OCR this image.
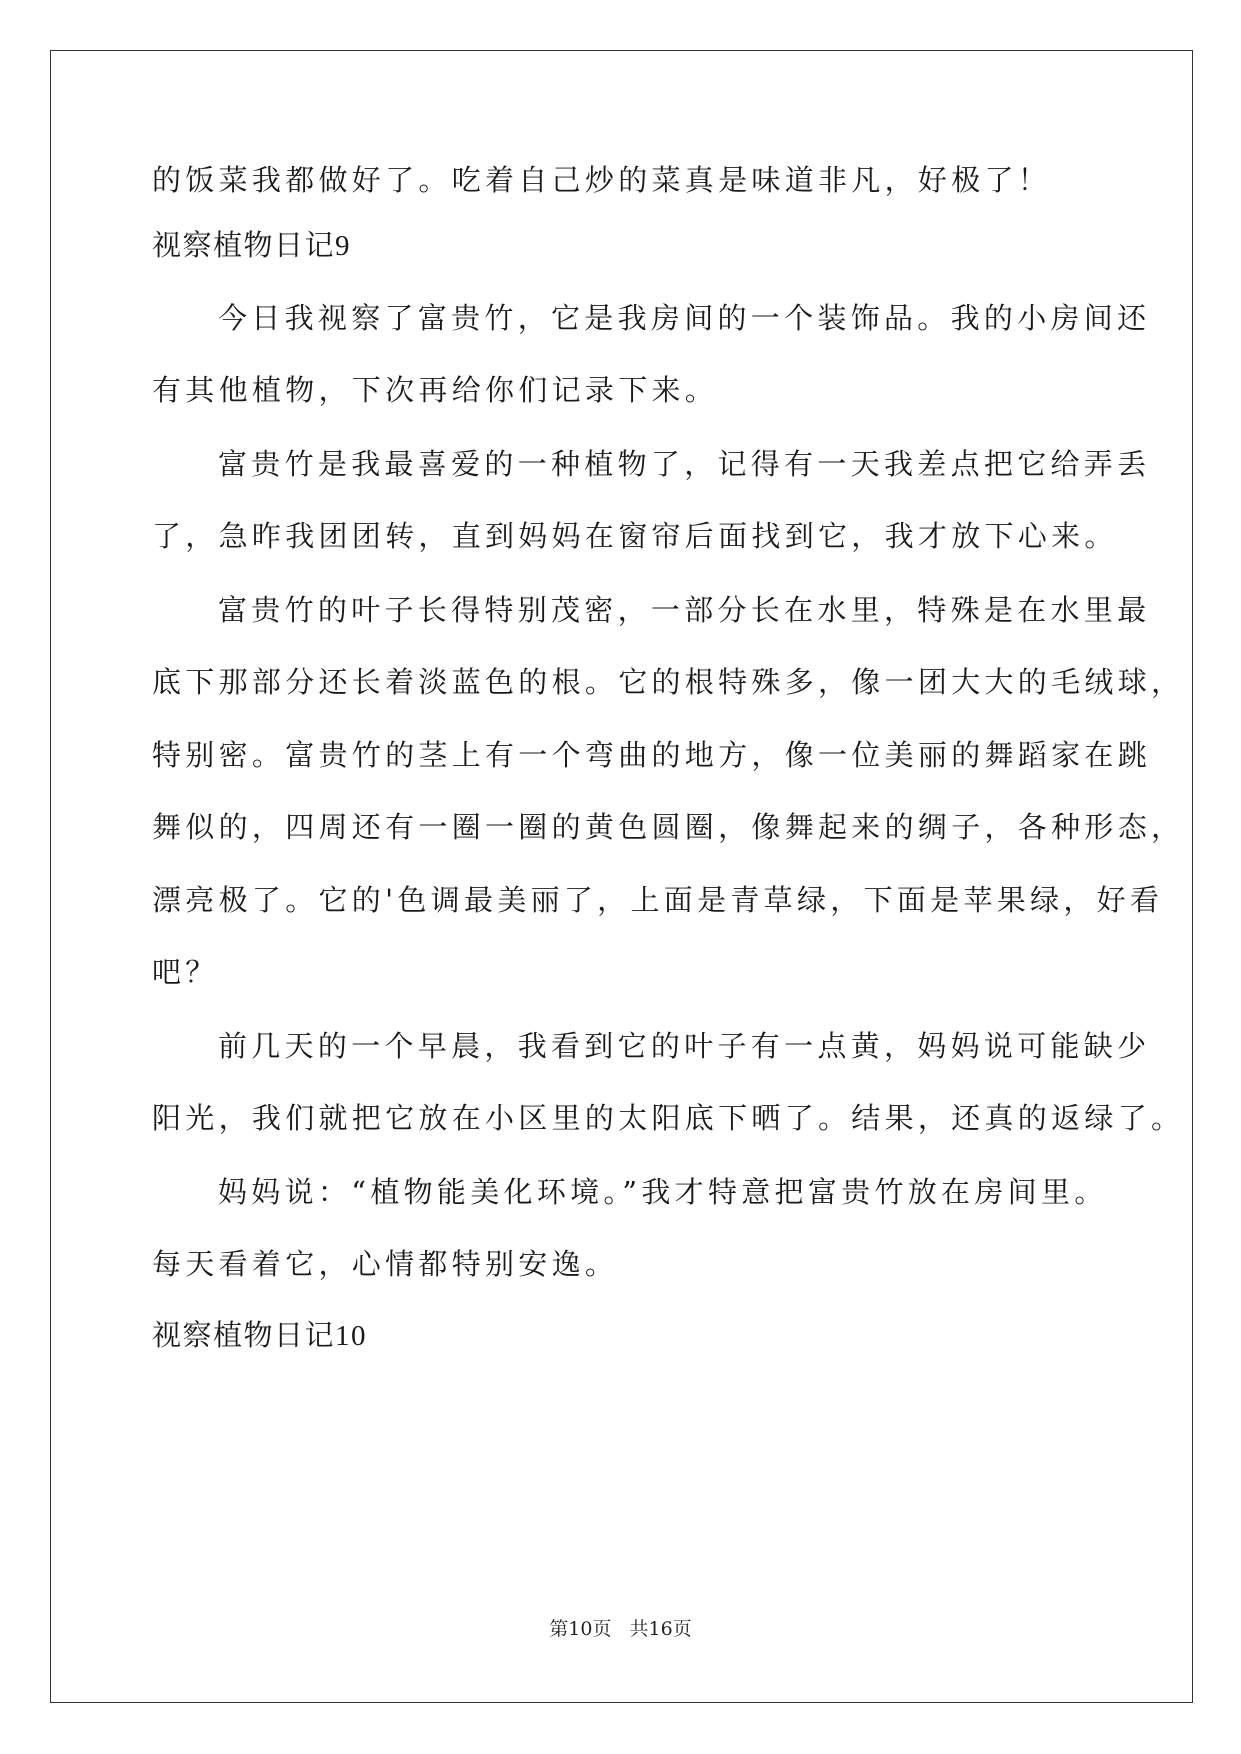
的饭菜我都做好了。吃着自己炒的菜真是味道非凡，好极了！
视察植物日记9
今日我视察了富贵竹，它是我房间的一个装饰品。我的小房间还
有其他植物，下次再给你们记录下来。
富贵竹是我最喜爱的一种植物了，记得有一天我差点把它给弄丢
了，急昨我团团转，直到妈妈在窗帘后面找到它，我才放下心来。
富贵竹的叶子长得特别茂密，一部分长在水里，特殊是在水里最
底下那部分还长着淡蓝色的根。它的根特殊多，像一团大大的毛绒球，
特别密。富贵竹的茎上有一个弯曲的地方，像一位美丽的舞蹈家在跳
舞似的，四周还有一圈一圈的黄色圆圈，像舞起来的绸子，各种形态，
漂亮极了。它的'色调最美丽了，上面是青草绿，下面是苹果绿，好看
吧？
前几天的一个早晨，我看到它的叶子有一点黄，妈妈说可能缺少
阳光，我们就把它放在小区里的太阳底下晒了。结果，还真的返绿了。
妈妈说：“植物能美化环境。”我才特意把富贵竹放在房间里。
每天看着它，心情都特别安逸。
视察植物日记10
第10页 共16页
